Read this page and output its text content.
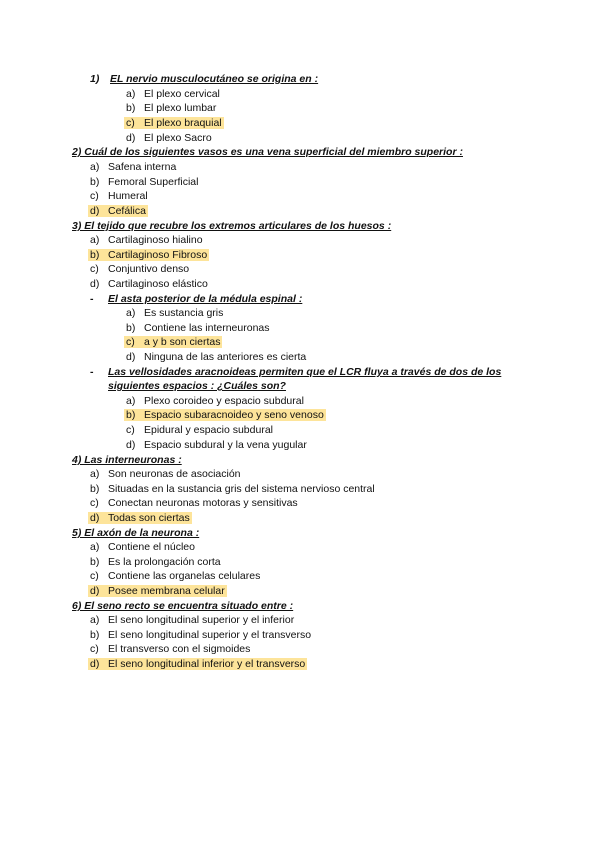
1) EL nervio musculocutáneo se origina en :
a) El plexo cervical
b) El plexo lumbar
c) El plexo braquial
d) El plexo Sacro
2) Cuál de los siguientes vasos es una vena superficial del miembro superior :
a) Safena interna
b) Femoral Superficial
c) Humeral
d) Cefálica
3) El tejido que recubre los extremos articulares de los huesos :
a) Cartilaginoso hialino
b) Cartilaginoso Fibroso
c) Conjuntivo denso
d) Cartilaginoso elástico
- El asta posterior de la médula espinal :
a) Es sustancia gris
b) Contiene las interneuronas
c) a y b son ciertas
d) Ninguna de las anteriores es cierta
- Las vellosidades aracnoideas permiten que el LCR fluya a través de dos de los
siguientes espacios : ¿Cuáles son?
a) Plexo coroideo y espacio subdural
b) Espacio subaracnoideo y seno venoso
c) Epidural y espacio subdural
d) Espacio subdural y la vena yugular
4) Las interneuronas :
a) Son neuronas de asociación
b) Situadas en la sustancia gris del sistema nervioso central
c) Conectan neuronas motoras y sensitivas
d) Todas son ciertas
5) El axón de la neurona :
a) Contiene el núcleo
b) Es la prolongación corta
c) Contiene las organelas celulares
d) Posee membrana celular
6) El seno recto se encuentra situado entre :
a) El seno longitudinal superior y el inferior
b) El seno longitudinal superior y el transverso
c) El transverso con el sigmoides
d) El seno longitudinal inferior y el transverso
